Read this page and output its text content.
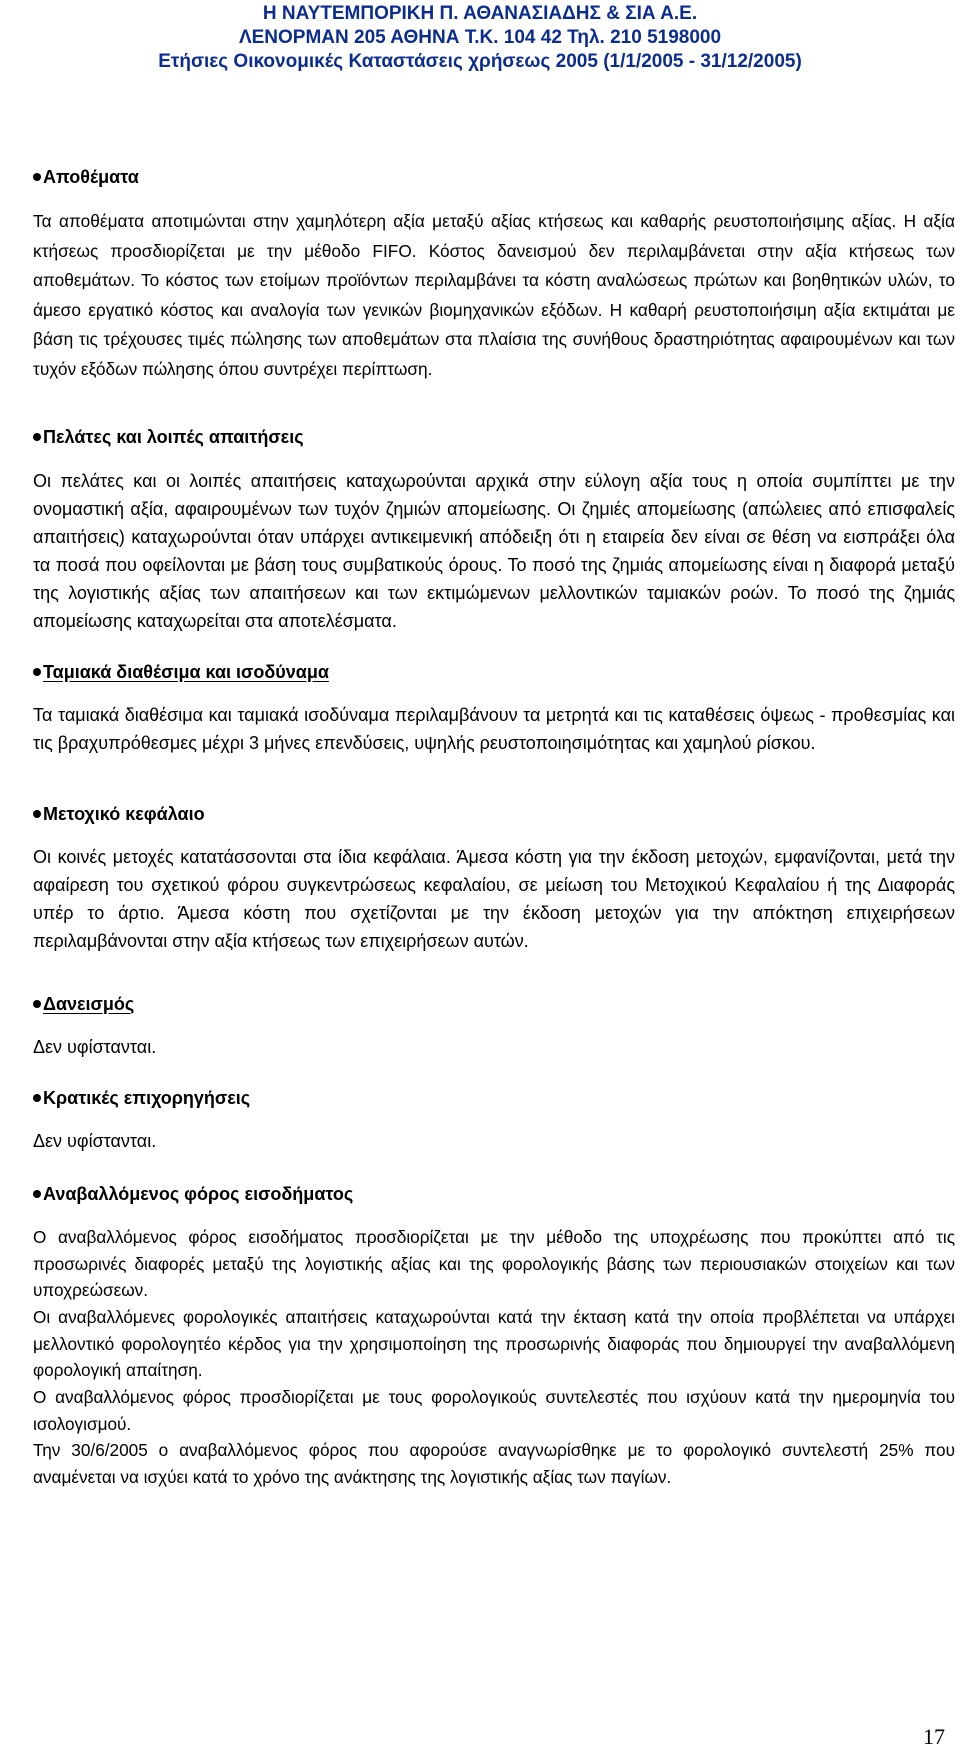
Η ΝΑΥΤΕΜΠΟΡΙΚΗ Π. ΑΘΑΝΑΣΙΑΔΗΣ & ΣΙΑ Α.Ε.
ΛΕΝΟΡΜΑΝ 205 ΑΘΗΝΑ Τ.Κ. 104 42 Τηλ. 210 5198000
Ετήσιες Οικονομικές Καταστάσεις χρήσεως 2005 (1/1/2005 - 31/12/2005)
Αποθέματα
Τα αποθέματα αποτιμώνται στην χαμηλότερη αξία μεταξύ αξίας κτήσεως και καθαρής ρευστοποιήσιμης αξίας. Η αξία κτήσεως προσδιορίζεται με την μέθοδο FIFO. Κόστος δανεισμού δεν περιλαμβάνεται στην αξία κτήσεως των αποθεμάτων. Το κόστος των ετοίμων προϊόντων περιλαμβάνει τα κόστη αναλώσεως πρώτων και βοηθητικών υλών, το άμεσο εργατικό κόστος και αναλογία των γενικών βιομηχανικών εξόδων. Η καθαρή ρευστοποιήσιμη αξία εκτιμάται με βάση τις τρέχουσες τιμές πώλησης των αποθεμάτων στα πλαίσια της συνήθους δραστηριότητας αφαιρουμένων και των τυχόν εξόδων πώλησης όπου συντρέχει περίπτωση.
Πελάτες και λοιπές απαιτήσεις
Οι πελάτες και οι λοιπές απαιτήσεις καταχωρούνται αρχικά στην εύλογη αξία τους η οποία συμπίπτει με την ονομαστική αξία, αφαιρουμένων των τυχόν ζημιών απομείωσης. Οι ζημιές απομείωσης (απώλειες από επισφαλείς απαιτήσεις) καταχωρούνται όταν υπάρχει αντικειμενική απόδειξη ότι η εταιρεία δεν είναι σε θέση να εισπράξει όλα τα ποσά που οφείλονται με βάση τους συμβατικούς όρους. Το ποσό της ζημιάς απομείωσης είναι η διαφορά μεταξύ της λογιστικής αξίας των απαιτήσεων και των εκτιμώμενων μελλοντικών ταμιακών ροών. Το ποσό της ζημιάς απομείωσης καταχωρείται στα αποτελέσματα.
Ταμιακά διαθέσιμα και ισοδύναμα
Τα ταμιακά διαθέσιμα και ταμιακά ισοδύναμα περιλαμβάνουν τα μετρητά και τις καταθέσεις όψεως - προθεσμίας και τις βραχυπρόθεσμες μέχρι 3 μήνες επενδύσεις, υψηλής ρευστοποιησιμότητας και χαμηλού ρίσκου.
Μετοχικό κεφάλαιο
Οι κοινές μετοχές κατατάσσονται στα ίδια κεφάλαια. Άμεσα κόστη για την έκδοση μετοχών, εμφανίζονται, μετά την αφαίρεση του σχετικού φόρου συγκεντρώσεως κεφαλαίου, σε μείωση του Μετοχικού Κεφαλαίου ή της Διαφοράς υπέρ το άρτιο. Άμεσα κόστη που σχετίζονται με την έκδοση μετοχών για την απόκτηση επιχειρήσεων περιλαμβάνονται στην αξία κτήσεως των επιχειρήσεων αυτών.
Δανεισμός
Δεν υφίστανται.
Κρατικές επιχορηγήσεις
Δεν υφίστανται.
Αναβαλλόμενος φόρος εισοδήματος
Ο αναβαλλόμενος φόρος εισοδήματος προσδιορίζεται με την μέθοδο της υποχρέωσης που προκύπτει από τις προσωρινές διαφορές μεταξύ της λογιστικής αξίας και της φορολογικής βάσης των περιουσιακών στοιχείων και των υποχρεώσεων.
Οι αναβαλλόμενες φορολογικές απαιτήσεις καταχωρούνται κατά την έκταση κατά την οποία προβλέπεται να υπάρχει μελλοντικό φορολογητέο κέρδος για την χρησιμοποίηση της προσωρινής διαφοράς που δημιουργεί την αναβαλλόμενη φορολογική απαίτηση.
Ο αναβαλλόμενος φόρος προσδιορίζεται με τους φορολογικούς συντελεστές που ισχύουν κατά την ημερομηνία του ισολογισμού.
Την 30/6/2005 ο αναβαλλόμενος φόρος που αφορούσε αναγνωρίσθηκε με το φορολογικό συντελεστή 25% που αναμένεται να ισχύει κατά το χρόνο της ανάκτησης της λογιστικής αξίας των παγίων.
17
